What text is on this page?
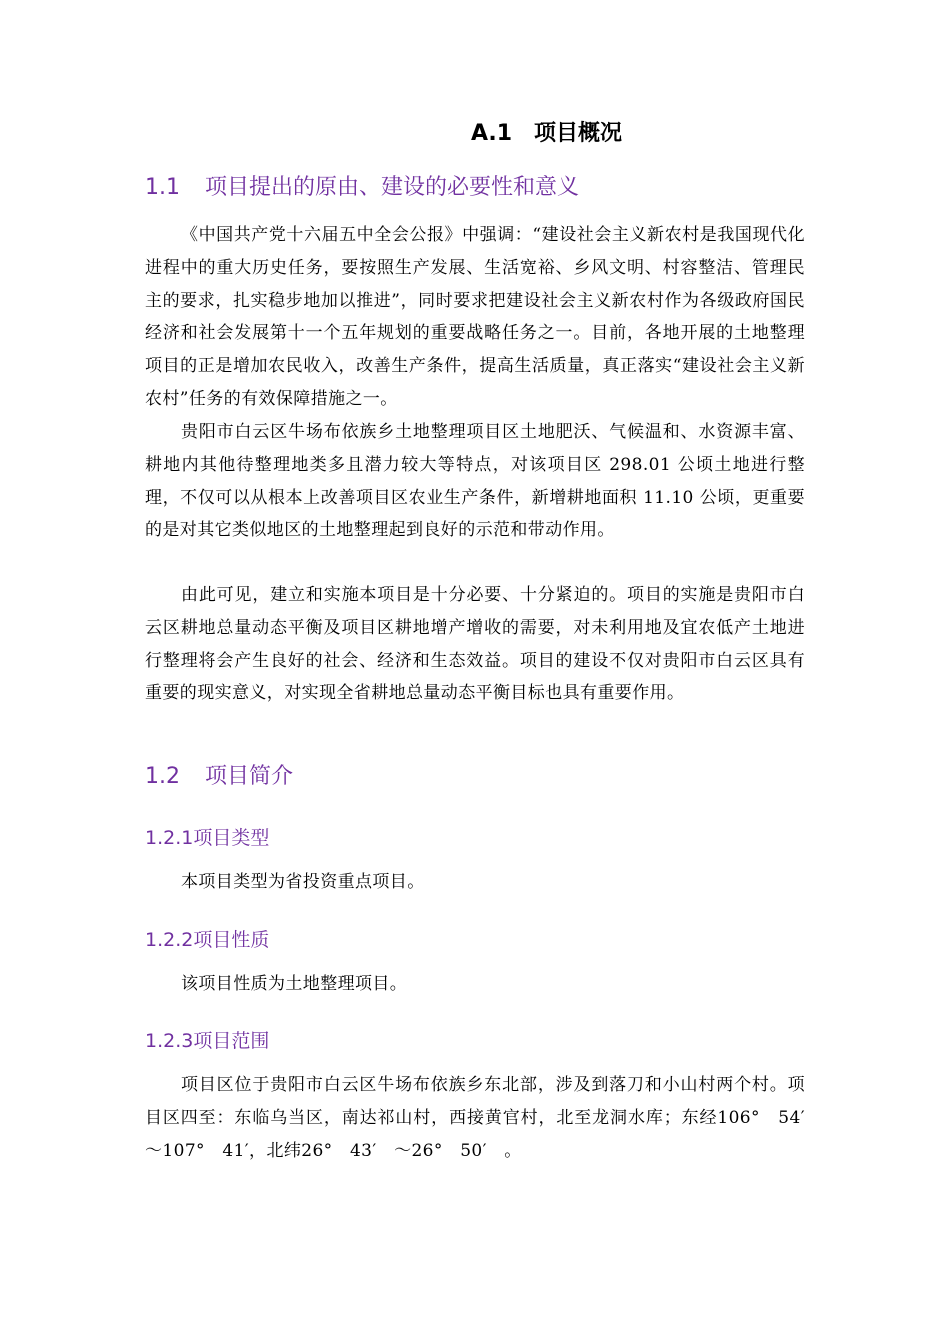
A.1　项目概况
1.1 项目提出的原由、建设的必要性和意义

《中国共产党十六届五中全会公报》中强调：“建设社会主义新农村是我国现代化进程中的重大历史任务，要按照生产发展、生活宽裕、乡风文明、村容整洁、管理民主的要求，扎实稳步地加以推进”，同时要求把建设社会主义新农村作为各级政府国民经济和社会发展第十一个五年规划的重要战略任务之一。目前，各地开展的土地整理项目的正是增加农民收入，改善生产条件，提高生活质量，真正落实“建设社会主义新农村”任务的有效保障措施之一。

贵阳市白云区牛场布依族乡土地整理项目区土地肥沃、气候温和、水资源丰富、耕地内其他待整理地类多且潜力较大等特点，对该项目区 298.01 公顷土地进行整理，不仅可以从根本上改善项目区农业生产条件，新增耕地面积 11.10 公顷，更重要的是对其它类似地区的土地整理起到良好的示范和带动作用。

由此可见，建立和实施本项目是十分必要、十分紧迫的。项目的实施是贵阳市白云区耕地总量动态平衡及项目区耕地增产增收的需要，对未利用地及宜农低产土地进行整理将会产生良好的社会、经济和生态效益。项目的建设不仅对贵阳市白云区具有重要的现实意义，对实现全省耕地总量动态平衡目标也具有重要作用。

1.2 项目简介
1.2.1项目类型

本项目类型为省投资重点项目。

1.2.2项目性质

该项目性质为土地整理项目。

1.2.3项目范围

项目区位于贵阳市白云区牛场布依族乡东北部，涉及到落刀和小山村两个村。项目区四至：东临乌当区，南达祁山村，西接黄官村，北至龙洞水库；东经106°　54′　～107°　41′，北纬26°　43′　～26°　50′　。
